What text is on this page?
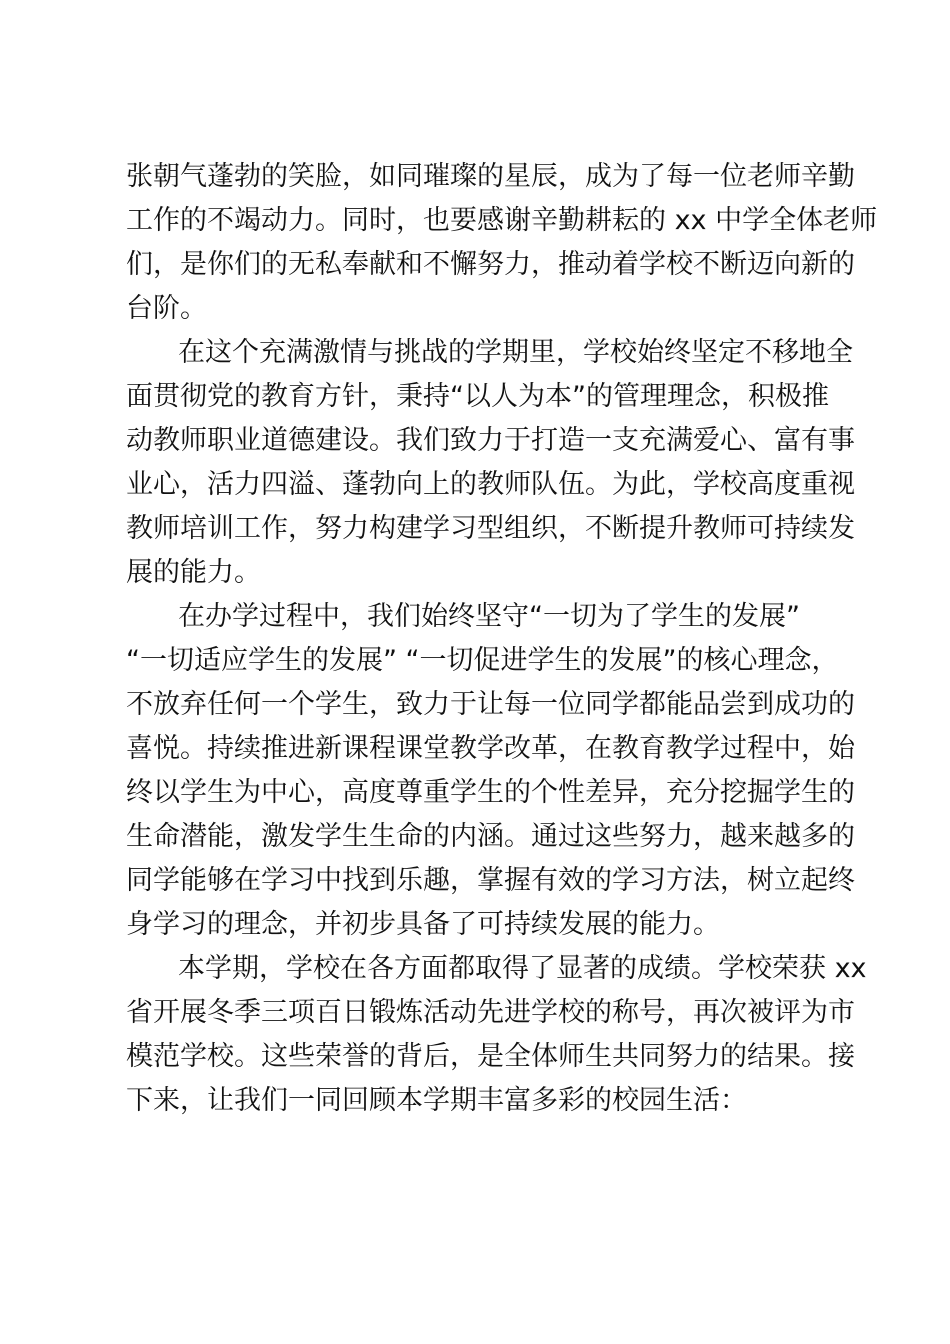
张朝气蓬勃的笑脸，如同璀璨的星辰，成为了每一位老师辛勤
工作的不竭动力。同时，也要感谢辛勤耕耘的 xx 中学全体老师
们，是你们的无私奉献和不懈努力，推动着学校不断迈向新的
台阶。
在这个充满激情与挑战的学期里，学校始终坚定不移地全
面贯彻党的教育方针，秉持“以人为本”的管理理念，积极推
动教师职业道德建设。我们致力于打造一支充满爱心、富有事
业心，活力四溢、蓬勃向上的教师队伍。为此，学校高度重视
教师培训工作，努力构建学习型组织，不断提升教师可持续发
展的能力。
在办学过程中，我们始终坚守“一切为了学生的发展”
“一切适应学生的发展” “一切促进学生的发展”的核心理念，
不放弃任何一个学生，致力于让每一位同学都能品尝到成功的
喜悦。持续推进新课程课堂教学改革，在教育教学过程中，始
终以学生为中心，高度尊重学生的个性差异，充分挖掘学生的
生命潜能，激发学生生命的内涵。通过这些努力，越来越多的
同学能够在学习中找到乐趣，掌握有效的学习方法，树立起终
身学习的理念，并初步具备了可持续发展的能力。
本学期，学校在各方面都取得了显著的成绩。学校荣获 xx
省开展冬季三项百日锻炼活动先进学校的称号，再次被评为市
模范学校。这些荣誉的背后，是全体师生共同努力的结果。接
下来，让我们一同回顾本学期丰富多彩的校园生活：
